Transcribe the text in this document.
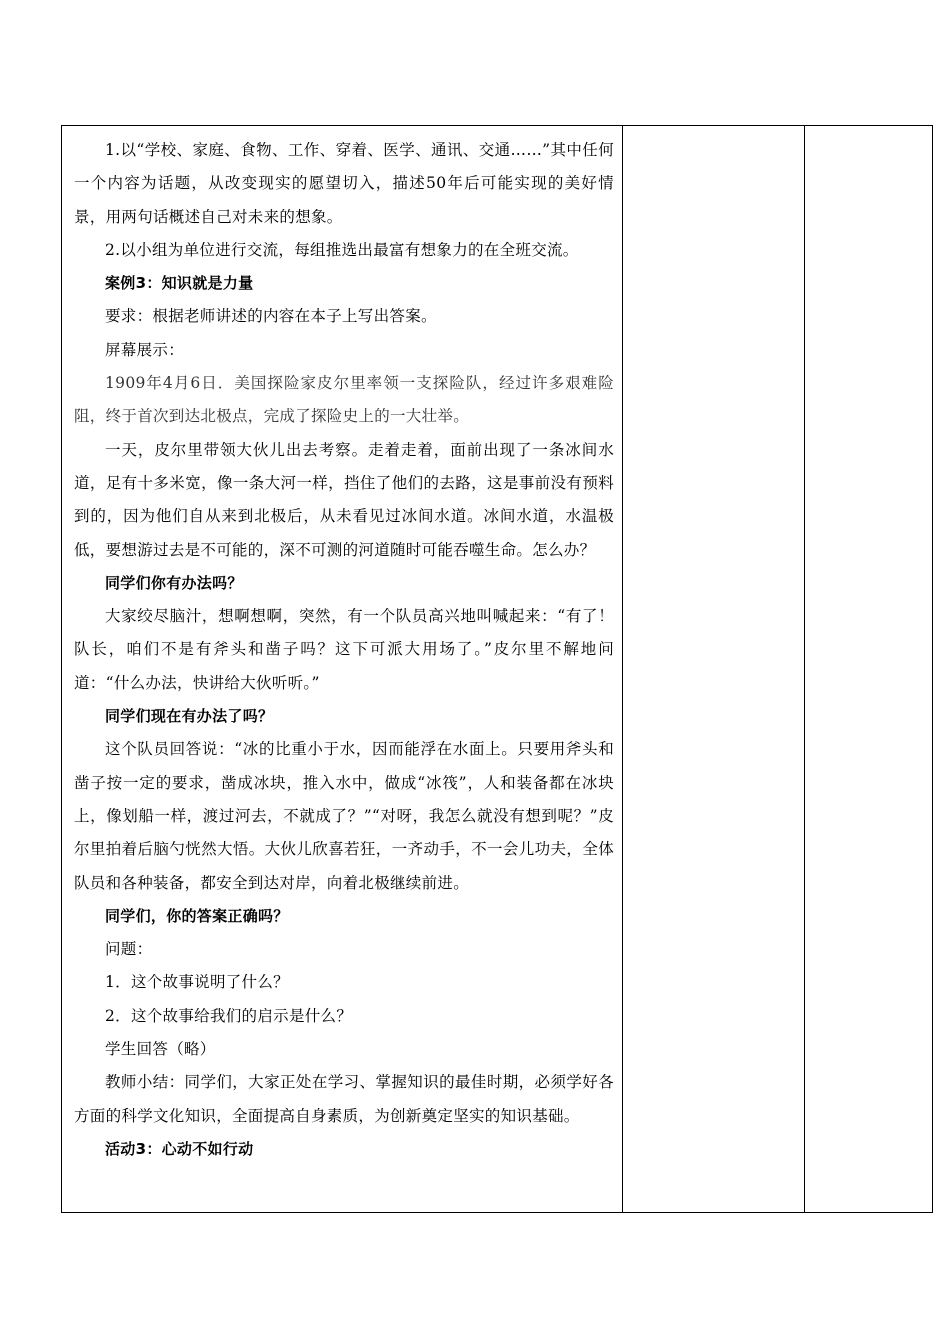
1.以“学校、家庭、食物、工作、穿着、医学、通讯、交通……”其中任何一个内容为话题，从改变现实的愿望切入，描述50年后可能实现的美好情景，用两句话概述自己对未来的想象。

2.以小组为单位进行交流，每组推选出最富有想象力的在全班交流。

案例3：知识就是力量

要求：根据老师讲述的内容在本子上写出答案。

屏幕展示：

1909年4月6日．美国探险家皮尔里率领一支探险队，经过许多艰难险阻，终于首次到达北极点，完成了探险史上的一大壮举。

一天，皮尔里带领大伙儿出去考察。走着走着，面前出现了一条冰间水道，足有十多米宽，像一条大河一样，挡住了他们的去路，这是事前没有预料到的，因为他们自从来到北极后，从未看见过冰间水道。冰间水道，水温极低，要想游过去是不可能的，深不可测的河道随时可能吞噬生命。怎么办？

同学们你有办法吗？

大家绞尽脑汁，想啊想啊，突然，有一个队员高兴地叫喊起来：“有了！队长，咱们不是有斧头和凿子吗？这下可派大用场了。”皮尔里不解地问道：“什么办法，快讲给大伙听听。”

同学们现在有办法了吗？

这个队员回答说：“冰的比重小于水，因而能浮在水面上。只要用斧头和凿子按一定的要求，凿成冰块，推入水中，做成“冰筏”，人和装备都在冰块上，像划船一样，渡过河去，不就成了？”“对呀，我怎么就没有想到呢？”皮尔里拍着后脑勺恍然大悟。大伙儿欣喜若狂，一齐动手，不一会儿功夫，全体队员和各种装备，都安全到达对岸，向着北极继续前进。

同学们，你的答案正确吗？

问题：

1．这个故事说明了什么？

2．这个故事给我们的启示是什么？

学生回答（略）

教师小结：同学们，大家正处在学习、掌握知识的最佳时期，必须学好各方面的科学文化知识，全面提高自身素质，为创新奠定坚实的知识基础。

活动3：心动不如行动
